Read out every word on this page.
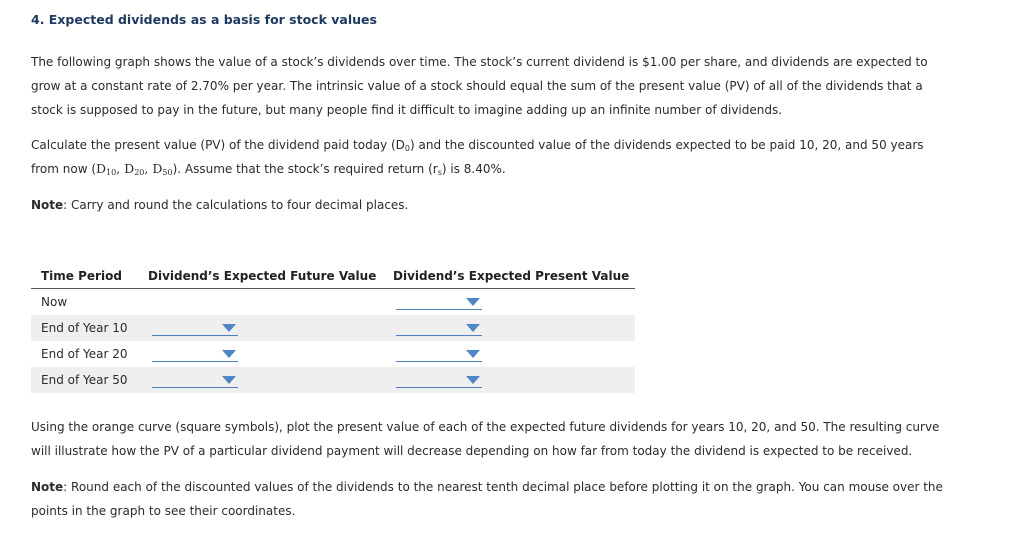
4. Expected dividends as a basis for stock values
The following graph shows the value of a stock’s dividends over time. The stock’s current dividend is $1.00 per share, and dividends are expected to
grow at a constant rate of 2.70% per year. The intrinsic value of a stock should equal the sum of the present value (PV) of all of the dividends that a
stock is supposed to pay in the future, but many people find it difficult to imagine adding up an infinite number of dividends.
Calculate the present value (PV) of the dividend paid today $(D_0)$ and the discounted value of the dividends expected to be paid 10, 20, and 50 years
from now ($D_{10}$, $D_{20}$, $D_{50}$). Assume that the stock’s required return $(r_s)$ is 8.40%.
Note: Carry and round the calculations to four decimal places.
Time Period Dividend’s Expected Future Value Dividend’s Expected Present Value
Now
End of Year 10
End of Year 20
End of Year 50
Using the orange curve (square symbols), plot the present value of each of the expected future dividends for years 10, 20, and 50. The resulting curve
will illustrate how the PV of a particular dividend payment will decrease depending on how far from today the dividend is expected to be received.
Note: Round each of the discounted values of the dividends to the nearest tenth decimal place before plotting it on the graph. You can mouse over the
points in the graph to see their coordinates.
